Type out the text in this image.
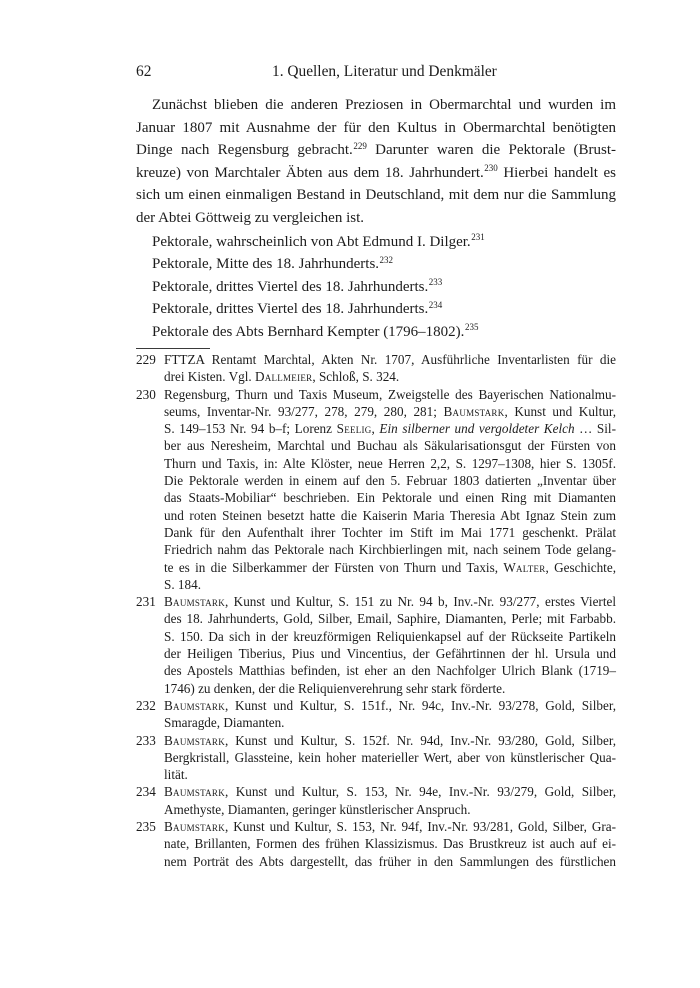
62	1. Quellen, Literatur und Denkmäler
Zunächst blieben die anderen Preziosen in Obermarchtal und wurden im
Januar 1807 mit Ausnahme der für den Kultus in Obermarchtal benötigten
Dinge nach Regensburg gebracht.$^{229}$ Darunter waren die Pektorale (Brust-
kreuze) von Marchtaler Äbten aus dem 18. Jahrhundert.$^{230}$ Hierbei handelt es
sich um einen einmaligen Bestand in Deutschland, mit dem nur die Sammlung
der Abtei Göttweig zu vergleichen ist.
Pektorale, wahrscheinlich von Abt Edmund I. Dilger.$^{231}$
Pektorale, Mitte des 18. Jahrhunderts.$^{232}$
Pektorale, drittes Viertel des 18. Jahrhunderts.$^{233}$
Pektorale, drittes Viertel des 18. Jahrhunderts.$^{234}$
Pektorale des Abts Bernhard Kempter (1796–1802).$^{235}$
229 FTTZA Rentamt Marchtal, Akten Nr. 1707, Ausführliche Inventarlisten für die
drei Kisten. Vgl. Dallmeier, Schloß, S. 324.
230 Regensburg, Thurn und Taxis Museum, Zweigstelle des Bayerischen Nationalmu-
seums, Inventar-Nr. 93/277, 278, 279, 280, 281; Baumstark, Kunst und Kultur,
S. 149–153 Nr. 94 b–f; Lorenz Seelig, Ein silberner und vergoldeter Kelch … Sil-
ber aus Neresheim, Marchtal und Buchau als Säkularisationsgut der Fürsten von
Thurn und Taxis, in: Alte Klöster, neue Herren 2,2, S. 1297–1308, hier S. 1305f.
Die Pektorale werden in einem auf den 5. Februar 1803 datierten „Inventar über
das Staats-Mobiliar“ beschrieben. Ein Pektorale und einen Ring mit Diamanten
und roten Steinen besetzt hatte die Kaiserin Maria Theresia Abt Ignaz Stein zum
Dank für den Aufenthalt ihrer Tochter im Stift im Mai 1771 geschenkt. Prälat
Friedrich nahm das Pektorale nach Kirchbierlingen mit, nach seinem Tode gelang-
te es in die Silberkammer der Fürsten von Thurn und Taxis, Walter, Geschichte,
S. 184.
231 Baumstark, Kunst und Kultur, S. 151 zu Nr. 94 b, Inv.-Nr. 93/277, erstes Viertel
des 18. Jahrhunderts, Gold, Silber, Email, Saphire, Diamanten, Perle; mit Farbabb.
S. 150. Da sich in der kreuzförmigen Reliquienkapsel auf der Rückseite Partikeln
der Heiligen Tiberius, Pius und Vincentius, der Gefährtinnen der hl. Ursula und
des Apostels Matthias befinden, ist eher an den Nachfolger Ulrich Blank (1719–
1746) zu denken, der die Reliquienverehrung sehr stark förderte.
232 Baumstark, Kunst und Kultur, S. 151f., Nr. 94c, Inv.-Nr. 93/278, Gold, Silber,
Smaragde, Diamanten.
233 Baumstark, Kunst und Kultur, S. 152f. Nr. 94d, Inv.-Nr. 93/280, Gold, Silber,
Bergkristall, Glassteine, kein hoher materieller Wert, aber von künstlerischer Qua-
lität.
234 Baumstark, Kunst und Kultur, S. 153, Nr. 94e, Inv.-Nr. 93/279, Gold, Silber,
Amethyste, Diamanten, geringer künstlerischer Anspruch.
235 Baumstark, Kunst und Kultur, S. 153, Nr. 94f, Inv.-Nr. 93/281, Gold, Silber, Gra-
nate, Brillanten, Formen des frühen Klassizismus. Das Brustkreuz ist auch auf ei-
nem Porträt des Abts dargestellt, das früher in den Sammlungen des fürstlichen
